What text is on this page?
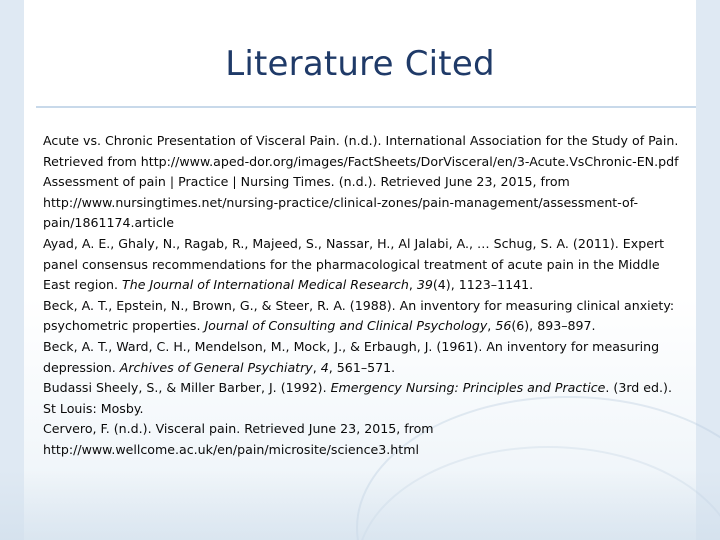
Literature Cited

Acute vs. Chronic Presentation of Visceral Pain. (n.d.). International Association for the Study of Pain. Retrieved from http://www.aped-dor.org/images/FactSheets/DorVisceral/en/3-Acute.VsChronic-EN.pdf

Assessment of pain | Practice | Nursing Times. (n.d.). Retrieved June 23, 2015, from http://www.nursingtimes.net/nursing-practice/clinical-zones/pain-management/assessment-of-pain/1861174.article

Ayad, A. E., Ghaly, N., Ragab, R., Majeed, S., Nassar, H., Al Jalabi, A., … Schug, S. A. (2011). Expert panel consensus recommendations for the pharmacological treatment of acute pain in the Middle East region. The Journal of International Medical Research, 39(4), 1123–1141.

Beck, A. T., Epstein, N., Brown, G., & Steer, R. A. (1988). An inventory for measuring clinical anxiety: psychometric properties. Journal of Consulting and Clinical Psychology, 56(6), 893–897.

Beck, A. T., Ward, C. H., Mendelson, M., Mock, J., & Erbaugh, J. (1961). An inventory for measuring depression. Archives of General Psychiatry, 4, 561–571.

Budassi Sheely, S., & Miller Barber, J. (1992). Emergency Nursing: Principles and Practice. (3rd ed.). St Louis: Mosby.

Cervero, F. (n.d.). Visceral pain. Retrieved June 23, 2015, from http://www.wellcome.ac.uk/en/pain/microsite/science3.html
